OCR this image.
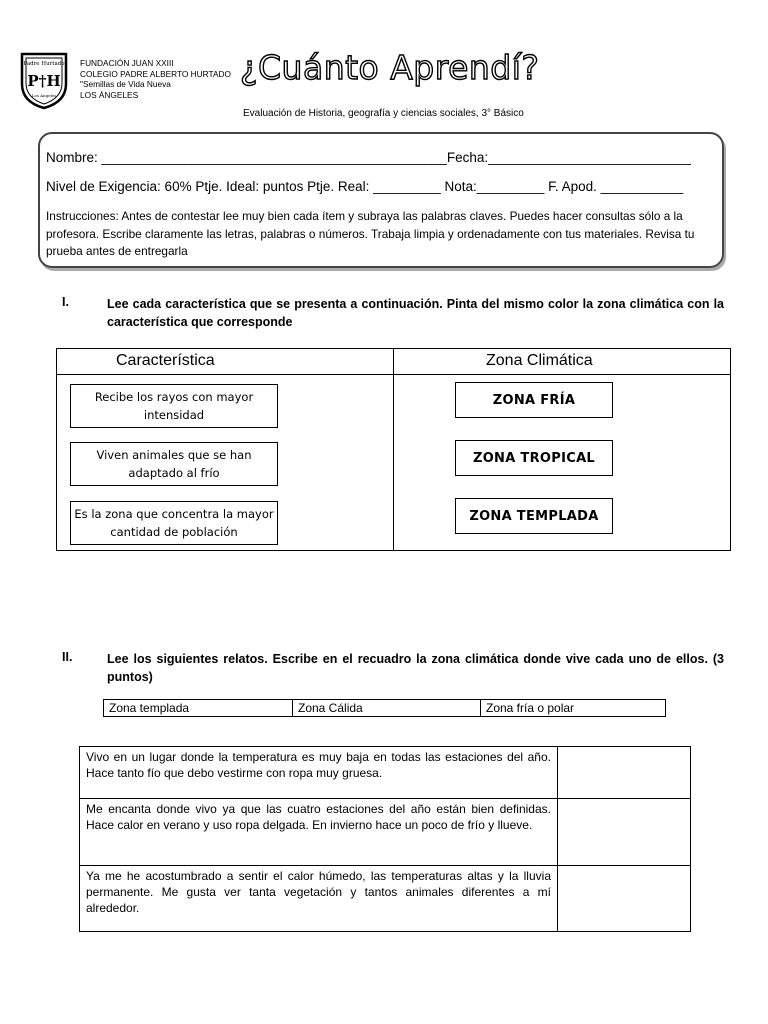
Padre Hurtado
P†H
Los Ángeles
FUNDACIÓN JUAN XXIII
COLEGIO PADRE ALBERTO HURTADO
"Semillas de Vida Nueva
LOS ÁNGELES
¿Cuánto Aprendí?
Evaluación de Historia, geografía y ciencias sociales, 3° Básico
Nombre: ______________________________________________Fecha:___________________________
Nivel de Exigencia: 60% Ptje. Ideal: puntos Ptje. Real: _________ Nota:_________ F. Apod. ___________
Instrucciones: Antes de contestar lee muy bien cada ítem y subraya las palabras claves. Puedes hacer consultas sólo a la profesora. Escribe claramente las letras, palabras o números. Trabaja limpia y ordenadamente con tus materiales. Revisa tu prueba antes de entregarla
I.	Lee cada característica que se presenta a continuación. Pinta del mismo color la zona climática con la característica que corresponde
Característica	Zona Climática
Recibe los rayos con mayor intensidad
Viven animales que se han adaptado al frío
Es la zona que concentra la mayor cantidad de población
ZONA FRÍA
ZONA TROPICAL
ZONA TEMPLADA
II.	Lee los siguientes relatos. Escribe en el recuadro la zona climática donde vive cada uno de ellos. (3 puntos)
Zona templada	Zona Cálida	Zona fría o polar
Vivo en un lugar donde la temperatura es muy baja en todas las estaciones del año. Hace tanto fío que debo vestirme con ropa muy gruesa.	
Me encanta donde vivo ya que las cuatro estaciones del año están bien definidas. Hace calor en verano y uso ropa delgada. En invierno hace un poco de frío y llueve.	
Ya me he acostumbrado a sentir el calor húmedo, las temperaturas altas y la lluvia permanente. Me gusta ver tanta vegetación y tantos animales diferentes a mí alrededor.	
